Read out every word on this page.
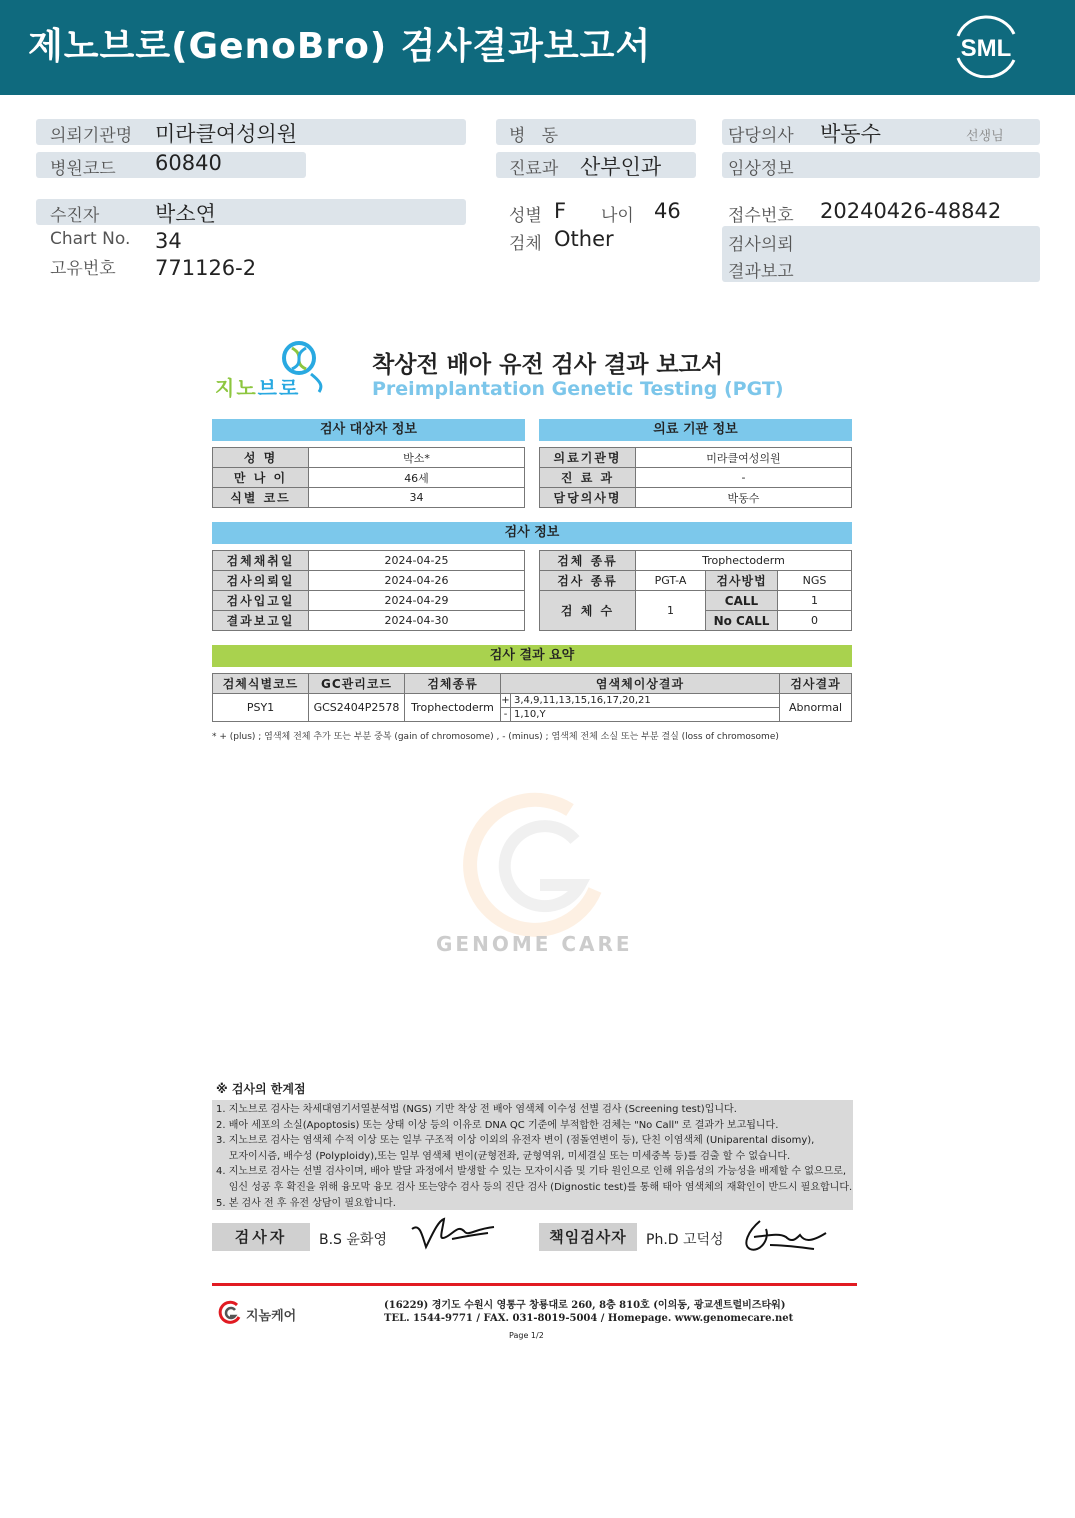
제노브로(GenoBro) 검사결과보고서	SML
의뢰기관명 미라클여성의원	병   동	담당의사 박동수	선생님
병원코드 60840	진료과 산부인과	임상정보
수진자	박소연	성별 F 나이 46	접수번호 20240426-48842
Chart No. 34	검체 Other	검사의뢰
결과보고
고유번호 771126-2
지노브로
착상전 배아 유전 검사 결과 보고서
Preimplantation Genetic Testing (PGT)
검사 대상자 정보	의료 기관 정보
성 명	박소*
만 나 이	46세
식별 코드	34
의료기관명	미라클여성의원
진 료 과	-
담당의사명	박동수
검사 정보
검체채취일	2024-04-25
검사의뢰일	2024-04-26
검사입고일	2024-04-29
결과보고일	2024-04-30
검체 종류	Trophectoderm		
검사 종류	PGT-A	검사방법	NGS
검 체 수	1	CALL	1
		No CALL	0
검사 결과 요약
검체식별코드	GC관리코드	검체종류	염색체이상결과		검사결과
PSY1	GCS2404P2578	Trophectoderm	+	3,4,9,11,13,15,16,17,20,21	Abnormal
			-	1,10,Y	
* + (plus) ; 염색체 전체 추가 또는 부분 중복 (gain of chromosome) , - (minus) ; 염색체 전체 소실 또는 부분 결실 (loss of chromosome)
GENOME CARE
※ 검사의 한계점
1. 지노브로 검사는 차세대염기서열분석법 (NGS) 기반 착상 전 배아 염색체 이수성 선별 검사 (Screening test)입니다.
2. 배아 세포의 소실(Apoptosis) 또는 상태 이상 등의 이유로 DNA QC 기준에 부적합한 검체는 "No Call" 로 결과가 보고됩니다.
3. 지노브로 검사는 염색체 수적 이상 또는 일부 구조적 이상 이외의 유전자 변이 (점돌연변이 등), 단친 이염색체 (Uniparental disomy),
모자이시즘, 배수성 (Polyploidy),또는 일부 염색체 변이(균형전좌, 균형역위, 미세결실 또는 미세중복 등)를 검출 할 수 없습니다.
4. 지노브로 검사는 선별 검사이며, 배아 발달 과정에서 발생할 수 있는 모자이시즘 및 기타 원인으로 인해 위음성의 가능성을 배제할 수 없으므로,
임신 성공 후 확진을 위해 융모막 융모 검사 또는양수 검사 등의 진단 검사 (Dignostic test)를 통해 태아 염색체의 재확인이 반드시 필요합니다.
5. 본 검사 전 후 유전 상담이 필요합니다.
검사자	B.S 윤화영	책임검사자	Ph.D 고덕성
지놈케어
(16229) 경기도 수원시 영통구 창룡대로 260, 8층 810호 (이의동, 광교센트럴비즈타워)
TEL. 1544-9771 / FAX. 031-8019-5004 / Homepage. www.genomecare.net
Page 1/2
